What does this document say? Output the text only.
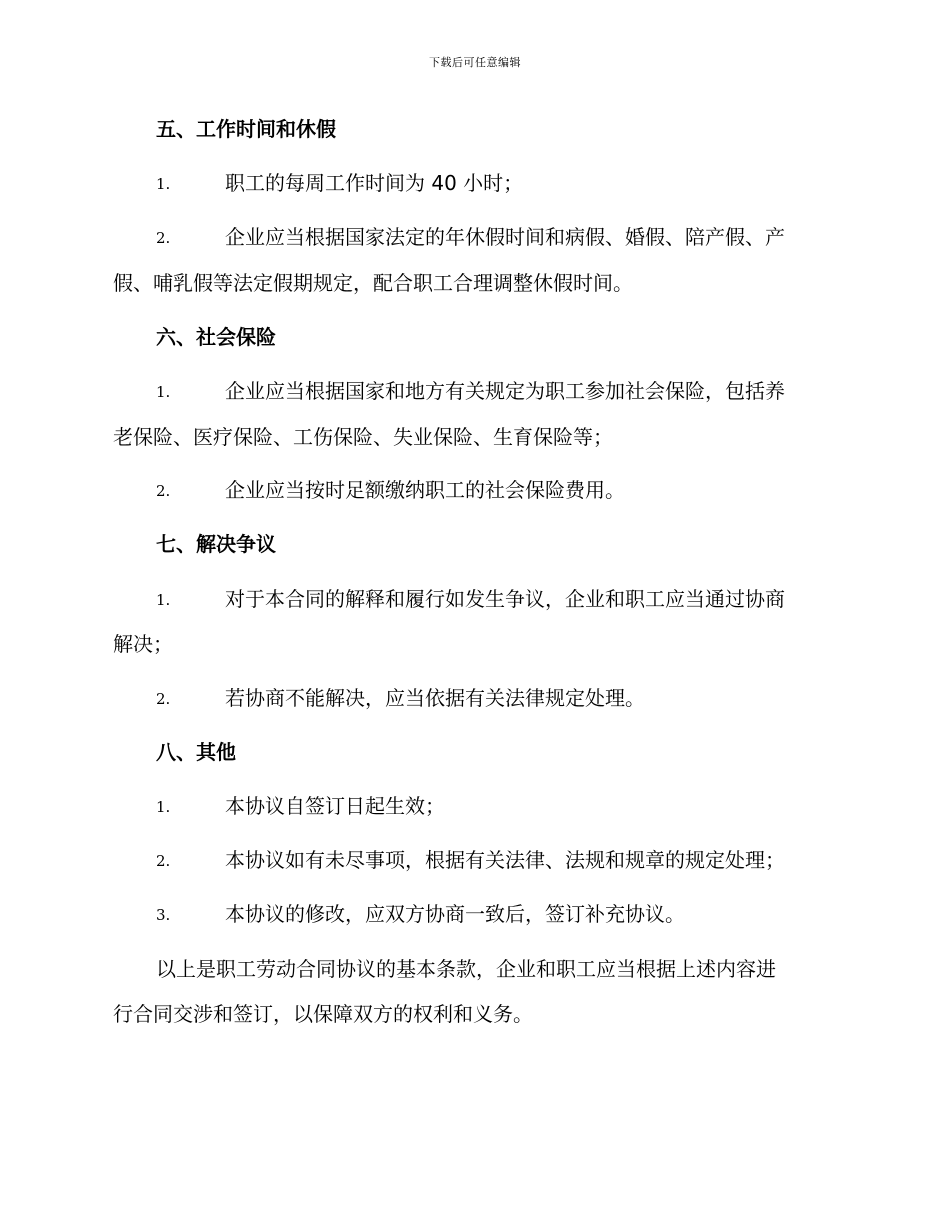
下载后可任意编辑
五、工作时间和休假
1.	职工的每周工作时间为 40 小时；
2.	企业应当根据国家法定的年休假时间和病假、婚假、陪产假、产
假、哺乳假等法定假期规定，配合职工合理调整休假时间。
六、社会保险
1.	企业应当根据国家和地方有关规定为职工参加社会保险，包括养
老保险、医疗保险、工伤保险、失业保险、生育保险等；
2.	企业应当按时足额缴纳职工的社会保险费用。
七、解决争议
1.	对于本合同的解释和履行如发生争议，企业和职工应当通过协商
解决；
2.	若协商不能解决，应当依据有关法律规定处理。
八、其他
1.	本协议自签订日起生效；
2.	本协议如有未尽事项，根据有关法律、法规和规章的规定处理；
3.	本协议的修改，应双方协商一致后，签订补充协议。
以上是职工劳动合同协议的基本条款，企业和职工应当根据上述内容进
行合同交涉和签订，以保障双方的权利和义务。
